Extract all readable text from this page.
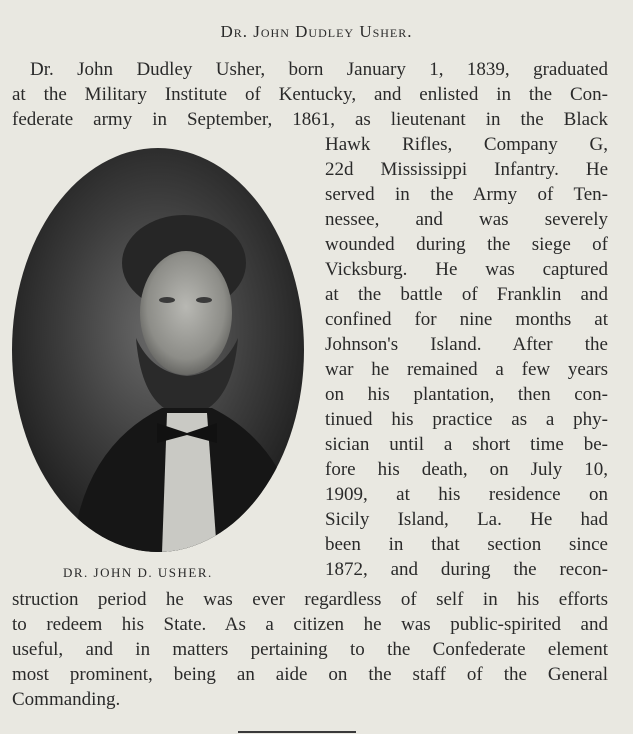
Dr. John Dudley Usher.
Dr. John Dudley Usher, born January 1, 1839, graduated
at the Military Institute of Kentucky, and enlisted in the Con-
federate army in September, 1861, as lieutenant in the Black
Hawk Rifles, Company G,
22d Mississippi Infantry. He
served in the Army of Ten-
nessee, and was severely
wounded during the siege of
Vicksburg. He was captured
at the battle of Franklin and
confined for nine months at
Johnson's Island. After the
war he remained a few years
on his plantation, then con-
tinued his practice as a phy-
sician until a short time be-
fore his death, on July 10,
1909, at his residence on
Sicily Island, La. He had
been in that section since
1872, and during the recon-
struction period he was ever regardless of self in his efforts
to redeem his State. As a citizen he was public-spirited and
useful, and in matters pertaining to the Confederate element
most prominent, being an aide on the staff of the General
Commanding.
DR. JOHN D. USHER.
